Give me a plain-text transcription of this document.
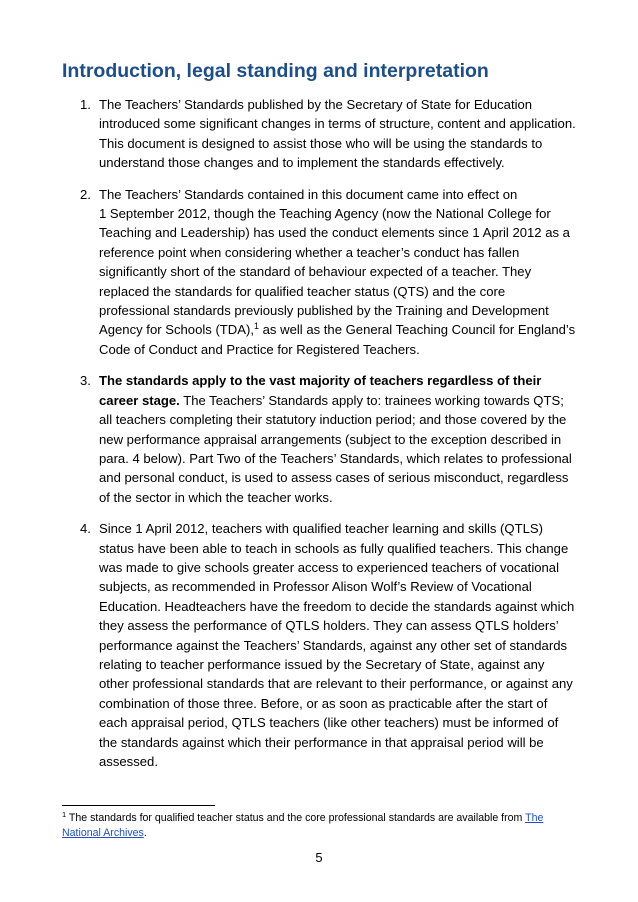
Introduction, legal standing and interpretation
1. The Teachers’ Standards published by the Secretary of State for Education
introduced some significant changes in terms of structure, content and application.
This document is designed to assist those who will be using the standards to
understand those changes and to implement the standards effectively.
2. The Teachers’ Standards contained in this document came into effect on
1 September 2012, though the Teaching Agency (now the National College for
Teaching and Leadership) has used the conduct elements since 1 April 2012 as a
reference point when considering whether a teacher’s conduct has fallen
significantly short of the standard of behaviour expected of a teacher. They
replaced the standards for qualified teacher status (QTS) and the core
professional standards previously published by the Training and Development
Agency for Schools (TDA),$^1$ as well as the General Teaching Council for England’s
Code of Conduct and Practice for Registered Teachers.
3. The standards apply to the vast majority of teachers regardless of their
career stage. The Teachers’ Standards apply to: trainees working towards QTS;
all teachers completing their statutory induction period; and those covered by the
new performance appraisal arrangements (subject to the exception described in
para. 4 below). Part Two of the Teachers’ Standards, which relates to professional
and personal conduct, is used to assess cases of serious misconduct, regardless
of the sector in which the teacher works.
4. Since 1 April 2012, teachers with qualified teacher learning and skills (QTLS)
status have been able to teach in schools as fully qualified teachers. This change
was made to give schools greater access to experienced teachers of vocational
subjects, as recommended in Professor Alison Wolf’s Review of Vocational
Education. Headteachers have the freedom to decide the standards against which
they assess the performance of QTLS holders. They can assess QTLS holders’
performance against the Teachers’ Standards, against any other set of standards
relating to teacher performance issued by the Secretary of State, against any
other professional standards that are relevant to their performance, or against any
combination of those three. Before, or as soon as practicable after the start of
each appraisal period, QTLS teachers (like other teachers) must be informed of
the standards against which their performance in that appraisal period will be
assessed.
$^1$ The standards for qualified teacher status and the core professional standards are available from The
National Archives.
5
